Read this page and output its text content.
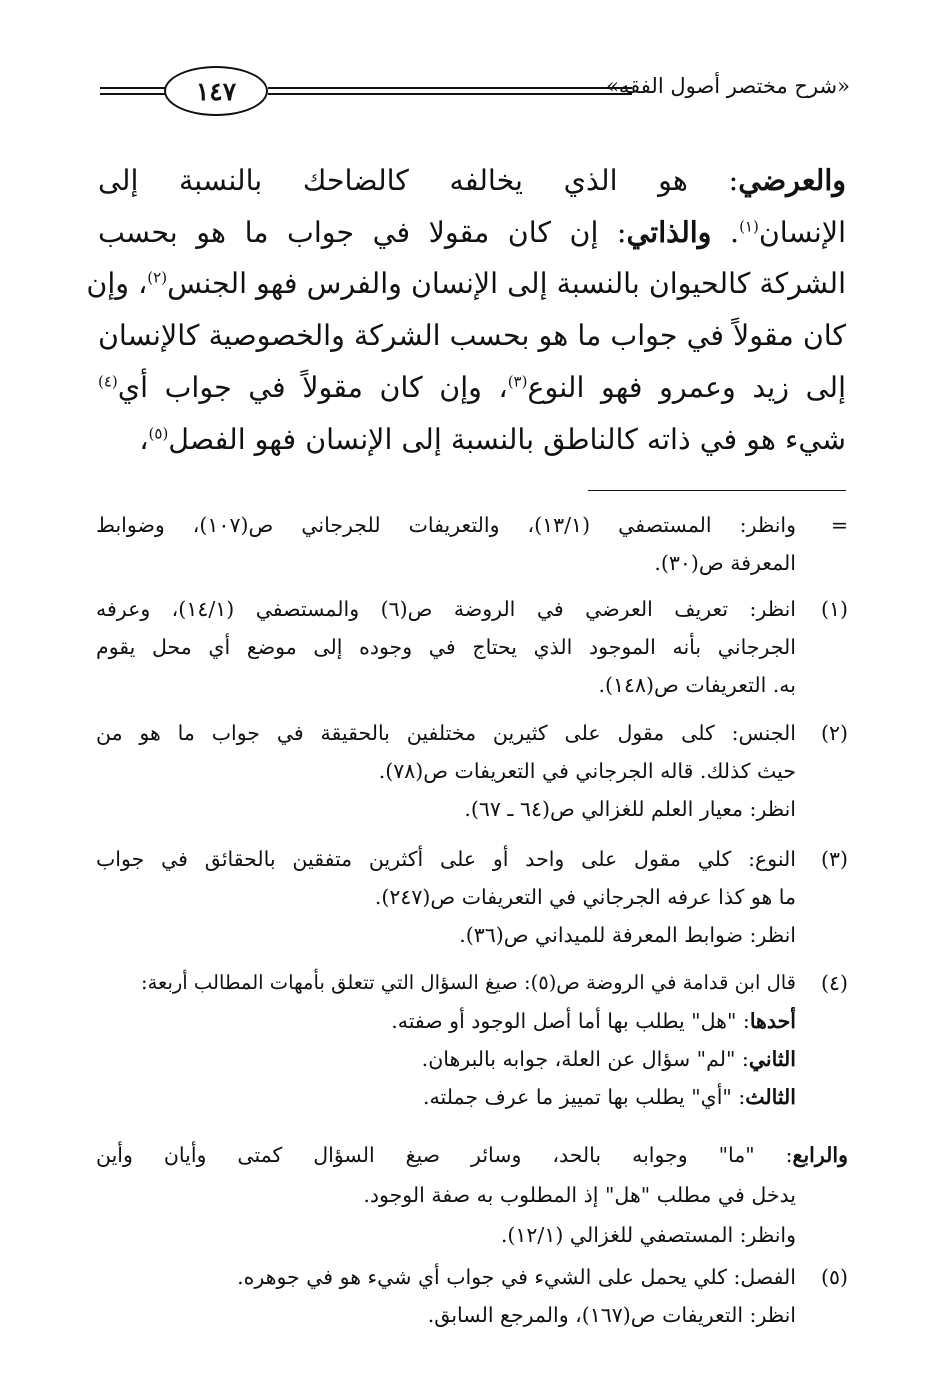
«شرح مختصر أصول الفقه»
١٤٧
والعرضي: هو الذي يخالفه كالضاحك بالنسبة إلى
الإنسان$^{(١)}$. والذاتي: إن كان مقولا في جواب ما هو بحسب
الشركة كالحيوان بالنسبة إلى الإنسان والفرس فهو الجنس$^{(٢)}$، وإن
كان مقولاً في جواب ما هو بحسب الشركة والخصوصية كالإنسان
إلى زيد وعمرو فهو النوع$^{(٣)}$، وإن كان مقولاً في جواب أي$^{(٤)}$
شيء هو في ذاته كالناطق بالنسبة إلى الإنسان فهو الفصل$^{(٥)}$،
=
وانظر: المستصفي (١٣/١)، والتعريفات للجرجاني ص(١٠٧)، وضوابط
المعرفة ص(٣٠).
(١)
انظر: تعريف العرضي في الروضة ص(٦) والمستصفي (١٤/١)، وعرفه
الجرجاني بأنه الموجود الذي يحتاج في وجوده إلى موضع أي محل يقوم
به. التعريفات ص(١٤٨).
(٢)
الجنس: كلى مقول على كثيرين مختلفين بالحقيقة في جواب ما هو من
حيث كذلك. قاله الجرجاني في التعريفات ص(٧٨).
انظر: معيار العلم للغزالي ص(٦٤ ـ ٦٧).
(٣)
النوع: كلي مقول على واحد أو على أكثرين متفقين بالحقائق في جواب
ما هو كذا عرفه الجرجاني في التعريفات ص(٢٤٧).
انظر: ضوابط المعرفة للميداني ص(٣٦).
(٤)
قال ابن قدامة في الروضة ص(٥): صيغ السؤال التي تتعلق بأمهات المطالب أربعة:
أحدها: "هل" يطلب بها أما أصل الوجود أو صفته.
الثاني: "لم" سؤال عن العلة، جوابه بالبرهان.
الثالث: "أي" يطلب بها تمييز ما عرف جملته.
والرابع: "ما" وجوابه بالحد، وسائر صيغ السؤال كمتى وأيان وأين
يدخل في مطلب "هل" إذ المطلوب به صفة الوجود.
وانظر: المستصفي للغزالي (١٢/١).
(٥)
الفصل: كلي يحمل على الشيء في جواب أي شيء هو في جوهره.
انظر: التعريفات ص(١٦٧)، والمرجع السابق.
